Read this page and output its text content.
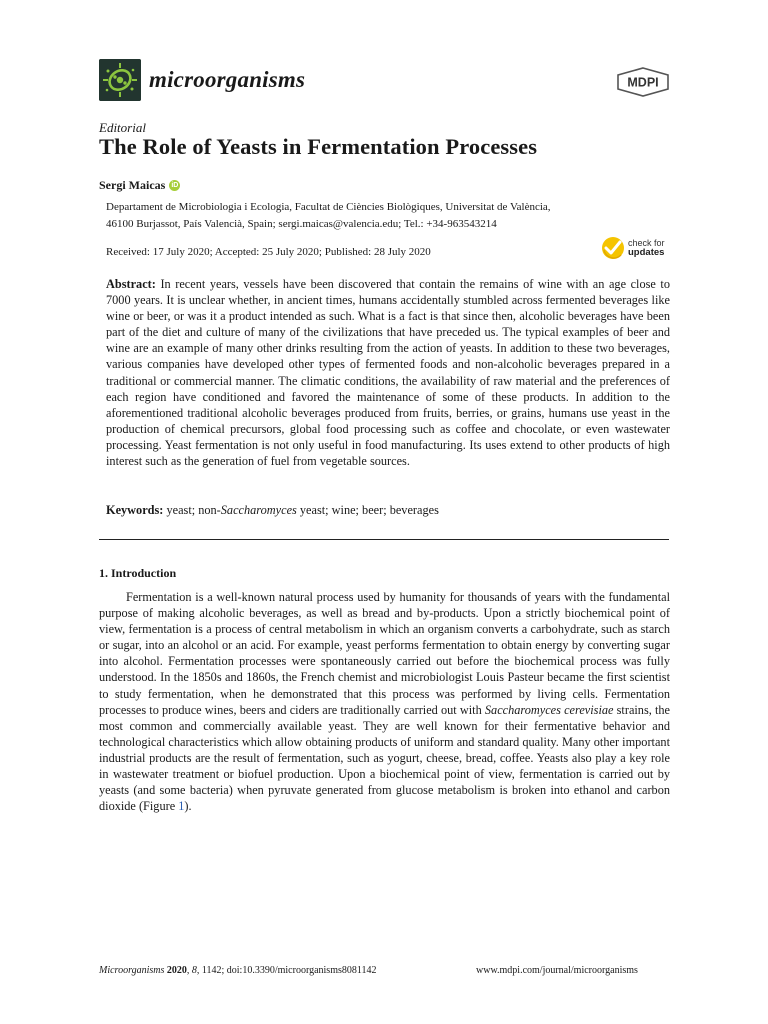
microorganisms	MDPI
Editorial
The Role of Yeasts in Fermentation Processes
Sergi Maicas iD
Departament de Microbiologia i Ecologia, Facultat de Ciències Biològiques, Universitat de València,
46100 Burjassot, País Valencià, Spain; sergi.maicas@valencia.edu; Tel.: +34-963543214
Received: 17 July 2020; Accepted: 25 July 2020; Published: 28 July 2020
check for
updates
Abstract: In recent years, vessels have been discovered that contain the remains of wine with an age close to 7000 years. It is unclear whether, in ancient times, humans accidentally stumbled across fermented beverages like wine or beer, or was it a product intended as such. What is a fact is that since then, alcoholic beverages have been part of the diet and culture of many of the civilizations that have preceded us. The typical examples of beer and wine are an example of many other drinks resulting from the action of yeasts. In addition to these two beverages, various companies have developed other types of fermented foods and non-alcoholic beverages prepared in a traditional or commercial manner. The climatic conditions, the availability of raw material and the preferences of each region have conditioned and favored the maintenance of some of these products. In addition to the aforementioned traditional alcoholic beverages produced from fruits, berries, or grains, humans use yeast in the production of chemical precursors, global food processing such as coffee and chocolate, or even wastewater processing. Yeast fermentation is not only useful in food manufacturing. Its uses extend to other products of high interest such as the generation of fuel from vegetable sources.
Keywords: yeast; non-Saccharomyces yeast; wine; beer; beverages
1. Introduction

Fermentation is a well-known natural process used by humanity for thousands of years with the fundamental purpose of making alcoholic beverages, as well as bread and by-products. Upon a strictly biochemical point of view, fermentation is a process of central metabolism in which an organism converts a carbohydrate, such as starch or sugar, into an alcohol or an acid. For example, yeast performs fermentation to obtain energy by converting sugar into alcohol. Fermentation processes were spontaneously carried out before the biochemical process was fully understood. In the 1850s and 1860s, the French chemist and microbiologist Louis Pasteur became the first scientist to study fermentation, when he demonstrated that this process was performed by living cells. Fermentation processes to produce wines, beers and ciders are traditionally carried out with Saccharomyces cerevisiae strains, the most common and commercially available yeast. They are well known for their fermentative behavior and technological characteristics which allow obtaining products of uniform and standard quality. Many other important industrial products are the result of fermentation, such as yogurt, cheese, bread, coffee. Yeasts also play a key role in wastewater treatment or biofuel production. Upon a biochemical point of view, fermentation is carried out by yeasts (and some bacteria) when pyruvate generated from glucose metabolism is broken into ethanol and carbon dioxide (Figure 1).

Microorganisms 2020, 8, 1142; doi:10.3390/microorganisms8081142	www.mdpi.com/journal/microorganisms
